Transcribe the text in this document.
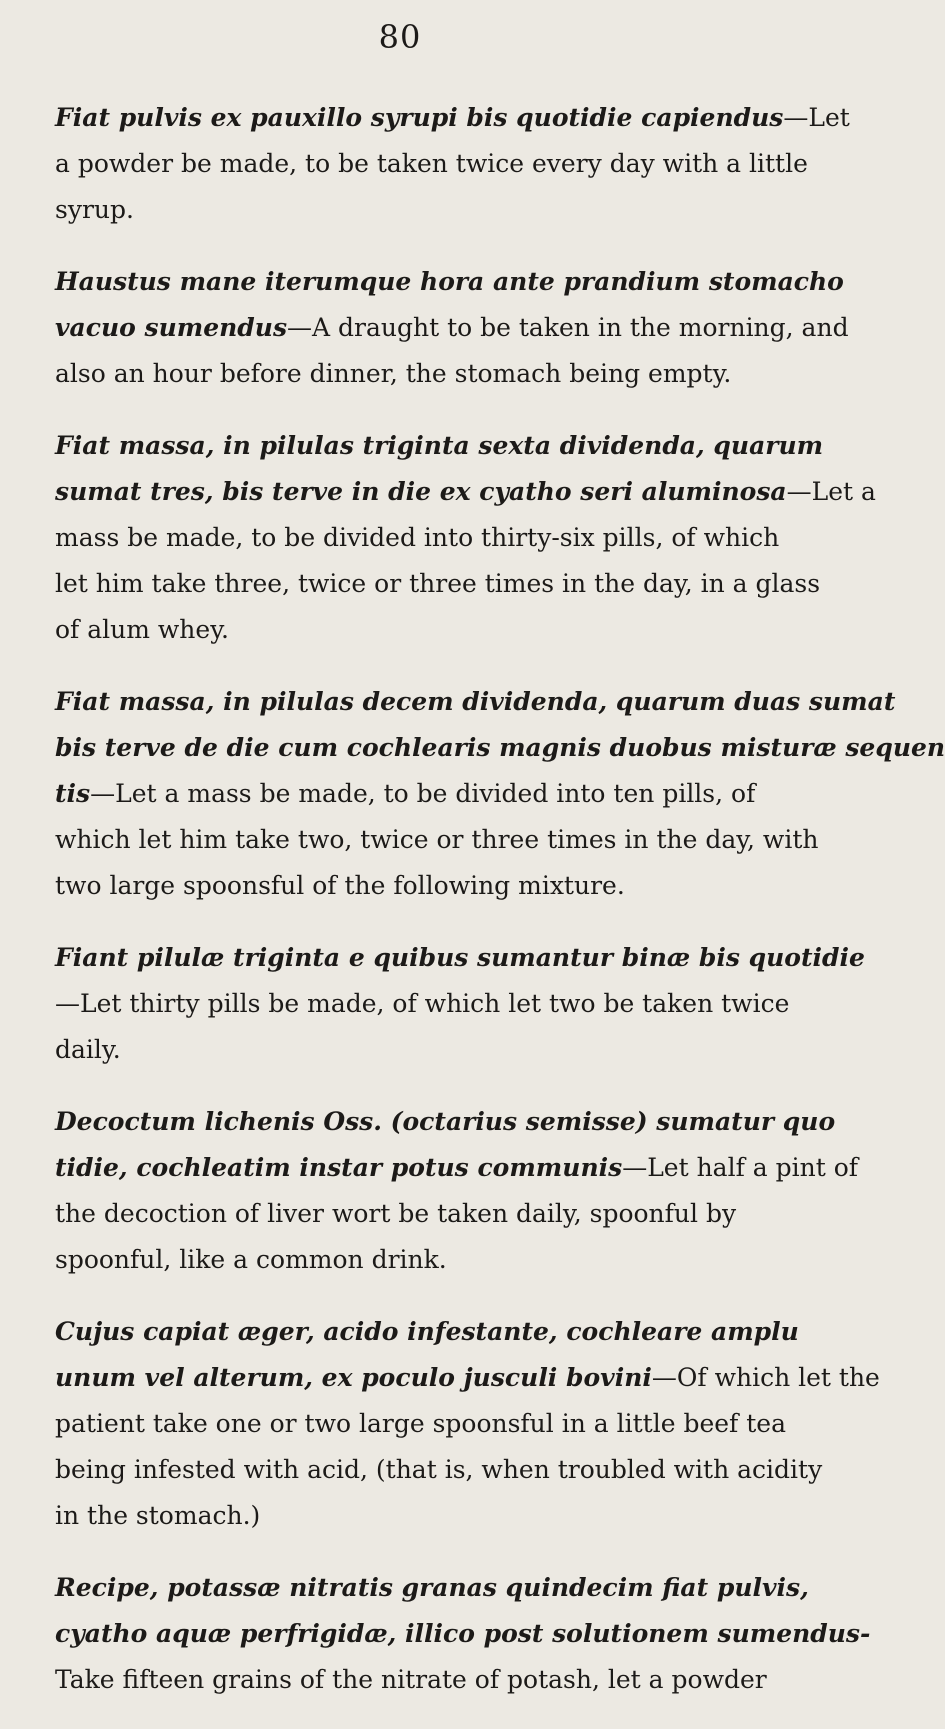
80
Fiat pulvis ex pauxillo syrupi bis quotidie capiendus—Let
a powder be made, to be taken twice every day with a little
syrup.
Haustus mane iterumque hora ante prandium stomacho
vacuo sumendus—A draught to be taken in the morning, and
also an hour before dinner, the stomach being empty.
Fiat massa, in pilulas triginta sexta dividenda, quarum
sumat tres, bis terve in die ex cyatho seri aluminosa—Let a
mass be made, to be divided into thirty-six pills, of which
let him take three, twice or three times in the day, in a glass
of alum whey.
Fiat massa, in pilulas decem dividenda, quarum duas sumat
bis terve de die cum cochlearis magnis duobus misturæ sequen
tis—Let a mass be made, to be divided into ten pills, of
which let him take two, twice or three times in the day, with
two large spoonsful of the following mixture.
Fiant pilulæ triginta e quibus sumantur binæ bis quotidie
—Let thirty pills be made, of which let two be taken twice
daily.
Decoctum lichenis Oss. (octarius semisse) sumatur quo
tidie, cochleatim instar potus communis—Let half a pint of
the decoction of liver wort be taken daily, spoonful by
spoonful, like a common drink.
Cujus capiat æger, acido infestante, cochleare amplu
unum vel alterum, ex poculo jusculi bovini—Of which let the
patient take one or two large spoonsful in a little beef tea
being infested with acid, (that is, when troubled with acidity
in the stomach.)
Recipe, potassæ nitratis granas quindecim fiat pulvis,
cyatho aquæ perfrigidæ, illico post solutionem sumendus-
Take fifteen grains of the nitrate of potash, let a powder
